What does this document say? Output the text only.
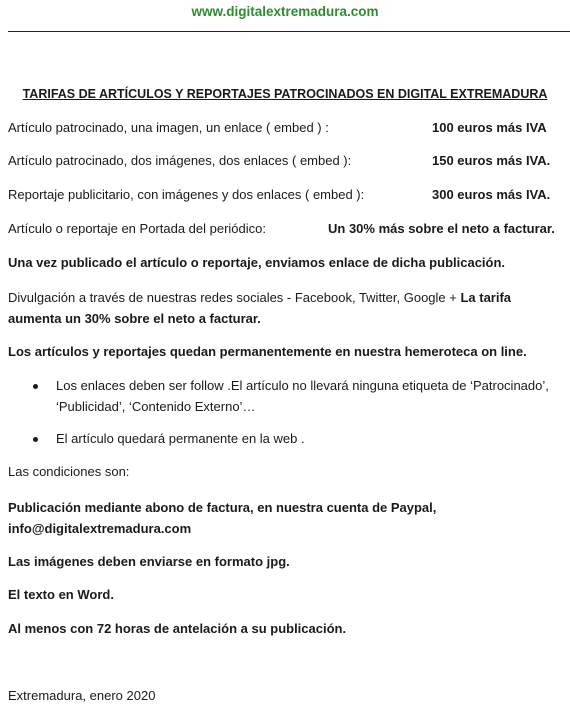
www.digitalextremadura.com
TARIFAS DE ARTÍCULOS Y REPORTAJES PATROCINADOS EN DIGITAL EXTREMADURA
Artículo patrocinado, una imagen, un enlace ( embed ) :	100 euros más IVA
Artículo patrocinado, dos imágenes, dos enlaces ( embed ):	150 euros más IVA.
Reportaje publicitario, con imágenes y dos enlaces ( embed ):	300 euros más IVA.
Artículo o reportaje en Portada del periódico:	Un 30% más sobre el neto a facturar.
Una vez publicado el artículo o reportaje, enviamos enlace de dicha publicación.
Divulgación a través de nuestras redes sociales - Facebook, Twitter, Google + La tarifa aumenta un 30% sobre el neto a facturar.
Los artículos y reportajes quedan permanentemente en nuestra hemeroteca on line.
Los enlaces deben ser follow .El artículo no llevará ninguna etiqueta de ‘Patrocinado’, ‘Publicidad’, ‘Contenido Externo’…
El artículo quedará permanente en la web .
Las condiciones son:
Publicación mediante abono de factura, en nuestra cuenta de Paypal, info@digitalextremadura.com
Las imágenes deben enviarse en formato jpg.
El texto en Word.
Al menos con 72 horas de antelación a su publicación.
Extremadura, enero 2020
